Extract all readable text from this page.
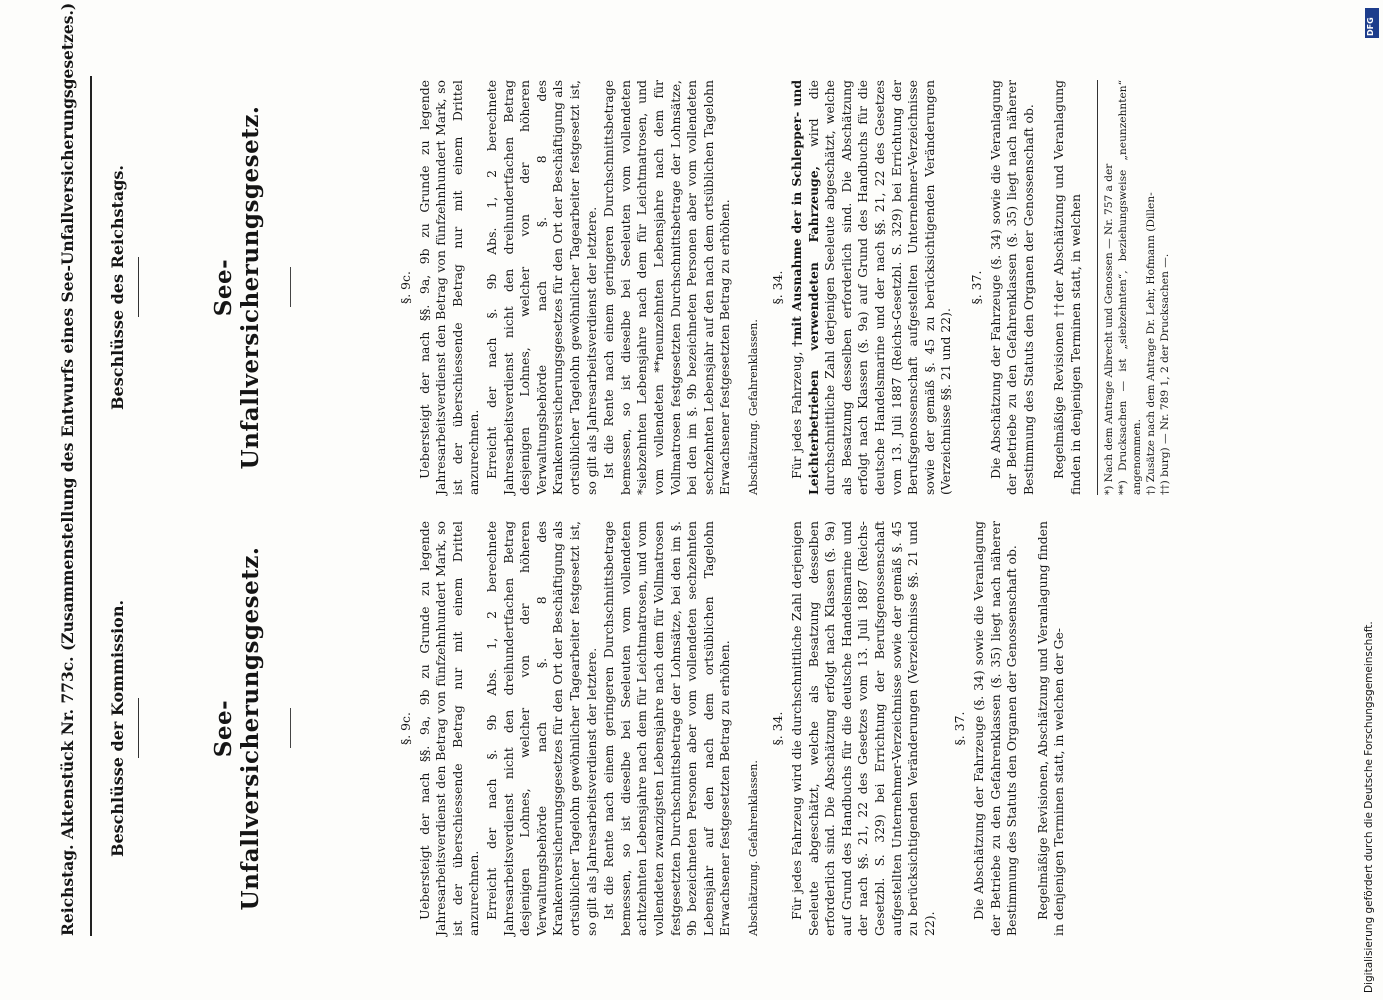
Reichstag. Aktenstück Nr. 773c. (Zusammenstellung des Entwurfs eines See-Unfallversicherungsgesetzes.) Beschlüsse der Kommission.
Beschlüsse des Reichstags.
See-Unfallversicherungsgesetz.
See-Unfallversicherungsgesetz.

§. 9c. Uebersteigt der nach §§. 9a, 9b zu Grunde zu legende Jahresarbeitsverdienst den Betrag von fünfzehnhundert Mark, so ist der überschiessende Betrag nur mit einem Drittel anzurechnen. Erreicht der nach §. 9b Abs. 1, 2 berechnete Jahresarbeitsverdienst nicht den dreihundertfachen Betrag desjenigen Lohnes, welcher von der höheren Verwaltungsbehörde nach §. 8 des Krankenversicherungsgesetzes für den Ort der Beschäftigung als ortsüblicher Tagelohn gewöhnlicher Tagearbeiter festgesetzt ist, so gilt als Jahresarbeitsverdienst der letztere. Ist die Rente nach einem geringeren Durchschnittsbetrage bemessen, so ist dieselbe bei Seeleuten vom vollendeten achtzehnten Lebensjahre nach dem für Leichtmatrosen, und vom vollendeten zwanzigsten Lebensjahre nach dem für Vollmatrosen festgesetzten Durchschnittsbetrage der Lohnsätze, bei den im §. 9b bezeichneten Personen aber vom vollendeten sechzehnten Lebensjahr auf den nach dem ortsüblichen Tagelohn Erwachsener festgesetzten Betrag zu erhöhen. Abschätzung. Gefahrenklassen.

§. 34. Für jedes Fahrzeug wird die durchschnittliche Zahl derjenigen Seeleute abgeschätzt, welche als Besatzung desselben erforderlich sind. Die Abschätzung erfolgt nach Klassen (§. 9a) auf Grund des Handbuchs für die deutsche Handelsmarine und der nach §§. 21, 22 des Gesetzes vom 13. Juli 1887 (Reichs-Gesetzbl. S. 329) bei Errichtung der Berufsgenossenschaft aufgestellten Unternehmer-Verzeichnisse sowie der gemäß §. 45 zu berücksichtigenden Veränderungen (Verzeichnisse §§. 21 und 22).

§. 37. Die Abschätzung der Fahrzeuge (§. 34) sowie die Veranlagung der Betriebe zu den Gefahrenklassen (§. 35) liegt nach näherer Bestimmung des Statuts den Organen der Genossenschaft ob. Regelmäßige Revisionen, Abschätzung und Veranlagung finden in denjenigen Terminen statt, in welchen der Ge-

§. 9c. Uebersteigt der nach §§. 9a, 9b zu Grunde zu legende Jahresarbeitsverdienst den Betrag von fünfzehnhundert Mark, so ist der überschiessende Betrag nur mit einem Drittel anzurechnen. Erreicht der nach §. 9b Abs. 1, 2 berechnete Jahresarbeitsverdienst nicht den dreihundertfachen Betrag desjenigen Lohnes, welcher von der höheren Verwaltungsbehörde nach §. 8 des Krankenversicherungsgesetzes für den Ort der Beschäftigung als ortsüblicher Tagelohn gewöhnlicher Tagearbeiter festgesetzt ist, so gilt als Jahresarbeitsverdienst der letztere. Ist die Rente nach einem geringeren Durchschnittsbetrage bemessen, so ist dieselbe bei Seeleuten vom vollendeten *siebzehnten Lebensjahre nach dem für Leichtmatrosen, und vom vollendeten **neunzehnten Lebensjahre nach dem für Vollmatrosen festgesetzten Durchschnittsbetrage der Lohnsätze, bei den im §. 9b bezeichneten Personen aber vom vollendeten sechzehnten Lebensjahr auf den nach dem ortsüblichen Tagelohn Erwachsener festgesetzten Betrag zu erhöhen. Abschätzung. Gefahrenklassen.

§. 34.

Für jedes Fahrzeug, †mit Ausnahme der in Schlepper- und Leichterbetrieben verwendeten Fahrzeuge, wird die durchschnittliche Zahl derjenigen Seeleute abgeschätzt, welche als Besatzung desselben erforderlich sind. Die Abschätzung erfolgt nach Klassen (§. 9a) auf Grund des Handbuchs für die deutsche Handelsmarine und der nach §§. 21, 22 des Gesetzes vom 13. Juli 1887 (Reichs-Gesetzbl. S. 329) bei Errichtung der Berufsgenossenschaft aufgestellten Unternehmer-Verzeichnisse sowie der gemäß §. 45 zu berücksichtigenden Veränderungen (Verzeichnisse §§. 21 und 22).

§. 37. Die Abschätzung der Fahrzeuge (§. 34) sowie die Veranlagung der Betriebe zu den Gefahrenklassen (§. 35) liegt nach näherer Bestimmung des Statuts den Organen der Genossenschaft ob. Regelmäßige Revisionen ††der Abschätzung und Veranlagung finden in denjenigen Terminen statt, in welchen *) Nach dem Antrage Albrecht und Genossen — Nr. 757 a der **) Drucksachen — ist „siebzehnten“, beziehungsweise „neunzehnten“ angenommen. †) Zusätze nach dem Antrage Dr. Lehr, Hofmann (Dillen- ††) burg) — Nr. 789 1, 2 der Drucksachen —.
DFG
Digitalisierung gefördert durch die Deutsche Forschungsgemeinschaft.
